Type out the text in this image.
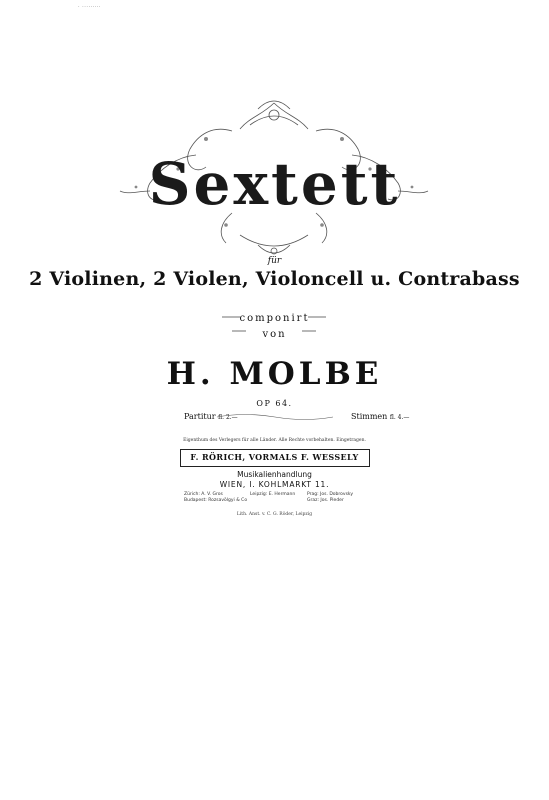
· ·········
Sextett
für
2 Violinen, 2 Violen, Violoncell u. Contrabass
componirt
von
H. MOLBE
OP 64.
Partitur fl. 2.—	Stimmen fl. 4.—
Eigenthum des Verlegers für alle Länder. Alle Rechte vorbehalten. Eingetragen.
F. RÖRICH, VORMALS F. WESSELY
Musikalienhandlung
WIEN, I. KOHLMARKT 11.
Zürich: A. V. Gros
Budapest: Rozsavölgyi & Co
Leipzig: E. Hermann	Prag: Jos. Dobrovsky
Graz: Jos. Pieder
Lith. Anst. v. C. G. Röder, Leipzig
